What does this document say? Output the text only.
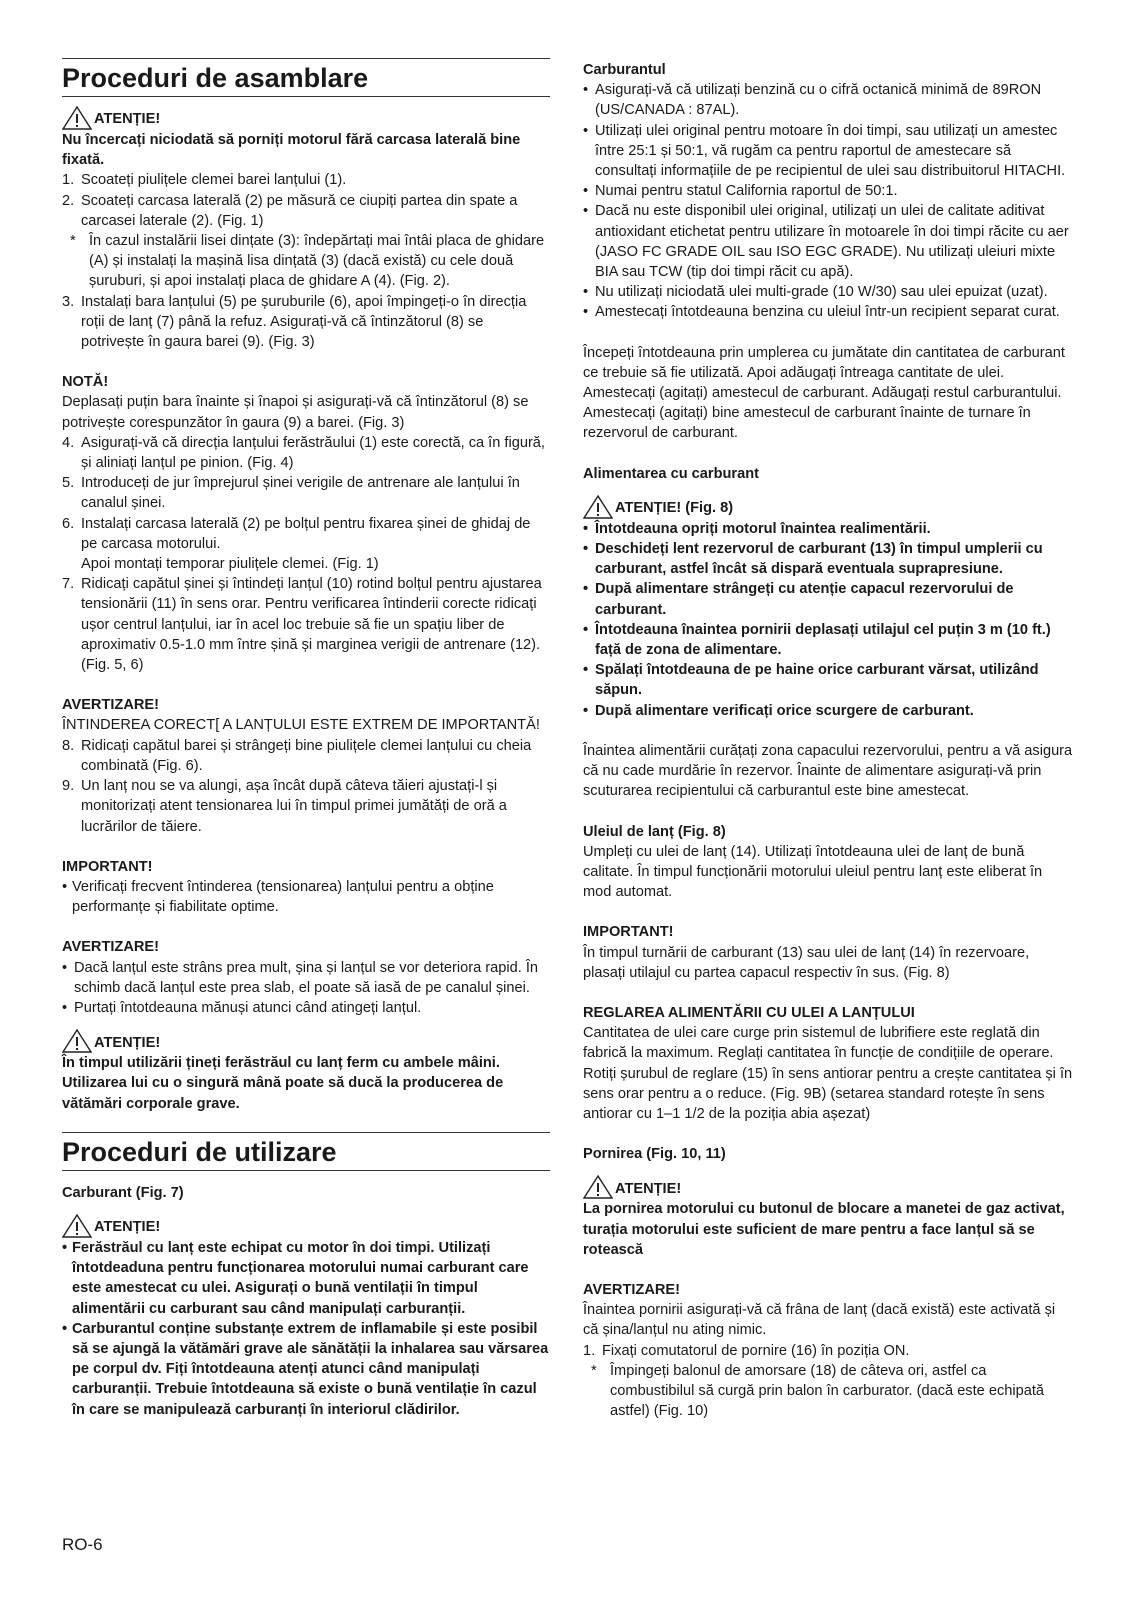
Proceduri de asamblare
ATENȚIE!

Nu încercați niciodată să porniți motorul fără carcasa laterală bine fixată.

1. Scoateți piulițele clemei barei lanțului (1).
2. Scoateți carcasa laterală (2) pe măsură ce ciupiți partea din spate a carcasei laterale (2). (Fig. 1)
* În cazul instalării lisei dințate (3): îndepărtați mai întâi placa de ghidare (A) și instalați la mașină lisa dințată (3) (dacă există) cu cele două șuruburi, și apoi instalați placa de ghidare A (4). (Fig. 2).
3. Instalați bara lanțului (5) pe șuruburile (6), apoi împingeți-o în direcția roții de lanț (7) până la refuz. Asigurați-vă că întinzătorul (8) se potrivește în gaura barei (9). (Fig. 3)

NOTĂ!

Deplasați puțin bara înainte și înapoi și asigurați-vă că întinzătorul (8) se potrivește corespunzător în gaura (9) a barei. (Fig. 3)

4. Asigurați-vă că direcția lanțului ferăstrăului (1) este corectă, ca în figură, și aliniați lanțul pe pinion. (Fig. 4)
5. Introduceți de jur împrejurul șinei verigile de antrenare ale lanțului în canalul șinei.
6. Instalați carcasa laterală (2) pe bolțul pentru fixarea șinei de ghidaj de pe carcasa motorului.
Apoi montați temporar piulițele clemei. (Fig. 1)
7. Ridicați capătul șinei și întindeți lanțul (10) rotind bolțul pentru ajustarea tensionării (11) în sens orar. Pentru verificarea întinderii corecte ridicați ușor centrul lanțului, iar în acel loc trebuie să fie un spațiu liber de aproximativ 0.5-1.0 mm între șină și marginea verigii de antrenare (12). (Fig. 5, 6)

AVERTIZARE!

ÎNTINDEREA CORECT[ A LANȚULUI ESTE EXTREM DE IMPORTANTĂ!

8. Ridicați capătul barei și strângeți bine piulițele clemei lanțului cu cheia combinată (Fig. 6).
9. Un lanț nou se va alungi, așa încât după câteva tăieri ajustați-l și monitorizați atent tensionarea lui în timpul primei jumătăți de oră a lucrărilor de tăiere.

IMPORTANT!

• Verificați frecvent întinderea (tensionarea) lanțului pentru a obține performanțe și fiabilitate optime.

AVERTIZARE!

• Dacă lanțul este strâns prea mult, șina și lanțul se vor deteriora rapid. În schimb dacă lanțul este prea slab, el poate să iasă de pe canalul șinei.
• Purtați întotdeauna mănuși atunci când atingeți lanțul.
ATENȚIE!

În timpul utilizării țineți ferăstrăul cu lanț ferm cu ambele mâini. Utilizarea lui cu o singură mână poate să ducă la producerea de vătămări corporale grave.

Proceduri de utilizare

Carburant (Fig. 7)

ATENȚIE!
• Ferăstrăul cu lanț este echipat cu motor în doi timpi. Utilizați întotdeaduna pentru funcționarea motorului numai carburant care este amestecat cu ulei. Asigurați o bună ventilații în timpul alimentării cu carburant sau când manipulați carburanții.
• Carburantul conține substanțe extrem de inflamabile și este posibil să se ajungă la vătămări grave ale sănătății la inhalarea sau vărsarea pe corpul dv. Fiți întotdeauna atenți atunci când manipulați carburanții. Trebuie întotdeauna să existe o bună ventilație în cazul în care se manipulează carburanți în interiorul clădirilor.

Carburantul

• Asigurați-vă că utilizați benzină cu o cifră octanică minimă de 89RON (US/CANADA : 87AL).
• Utilizați ulei original pentru motoare în doi timpi, sau utilizați un amestec între 25:1 și 50:1, vă rugăm ca pentru raportul de amestecare să consultați informațiile de pe recipientul de ulei sau distribuitorul HITACHI.
• Numai pentru statul California raportul de 50:1.
• Dacă nu este disponibil ulei original, utilizați un ulei de calitate aditivat antioxidant etichetat pentru utilizare în motoarele în doi timpi răcite cu aer (JASO FC GRADE OIL sau ISO EGC GRADE). Nu utilizați uleiuri mixte BIA sau TCW (tip doi timpi răcit cu apă).
• Nu utilizați niciodată ulei multi-grade (10 W/30) sau ulei epuizat (uzat).
• Amestecați întotdeauna benzina cu uleiul într-un recipient separat curat.

Începeți întotdeauna prin umplerea cu jumătate din cantitatea de carburant ce trebuie să fie utilizată. Apoi adăugați întreaga cantitate de ulei. Amestecați (agitați) amestecul de carburant. Adăugați restul carburantului. Amestecați (agitați) bine amestecul de carburant înainte de turnare în rezervorul de carburant.

Alimentarea cu carburant

ATENȚIE! (Fig. 8)
• Întotdeauna opriți motorul înaintea realimentării.
• Deschideți lent rezervorul de carburant (13) în timpul umplerii cu carburant, astfel încât să dispară eventuala suprapresiune.
• După alimentare strângeți cu atenție capacul rezervorului de carburant.
• Întotdeauna înaintea pornirii deplasați utilajul cel puțin 3 m (10 ft.) față de zona de alimentare.
• Spălați întotdeauna de pe haine orice carburant vărsat, utilizând săpun.
• După alimentare verificați orice scurgere de carburant.

Înaintea alimentării curățați zona capacului rezervorului, pentru a vă asigura că nu cade murdărie în rezervor. Înainte de alimentare asigurați-vă prin scuturarea recipientului că carburantul este bine amestecat.

Uleiul de lanț (Fig. 8)

Umpleți cu ulei de lanț (14). Utilizați întotdeauna ulei de lanț de bună calitate. În timpul funcționării motorului uleiul pentru lanț este eliberat în mod automat.

IMPORTANT!

În timpul turnării de carburant (13) sau ulei de lanț (14) în rezervoare, plasați utilajul cu partea capacul respectiv în sus. (Fig. 8)

REGLAREA ALIMENTĂRII CU ULEI A LANȚULUI

Cantitatea de ulei care curge prin sistemul de lubrifiere este reglată din fabrică la maximum. Reglați cantitatea în funcție de condițiile de operare. Rotiți șurubul de reglare (15) în sens antiorar pentru a crește cantitatea și în sens orar pentru a o reduce. (Fig. 9B) (setarea standard rotește în sens antiorar cu 1–1 1/2 de la poziția abia așezat)

Pornirea (Fig. 10, 11)

ATENȚIE!

La pornirea motorului cu butonul de blocare a manetei de gaz activat, turația motorului este suficient de mare pentru a face lanțul să se rotească

AVERTIZARE!

Înaintea pornirii asigurați-vă că frâna de lanț (dacă există) este activată și că șina/lanțul nu ating nimic.

1. Fixați comutatorul de pornire (16) în poziția ON.
* Împingeți balonul de amorsare (18) de câteva ori, astfel ca combustibilul să curgă prin balon în carburator. (dacă este echipată astfel) (Fig. 10)
RO-6
